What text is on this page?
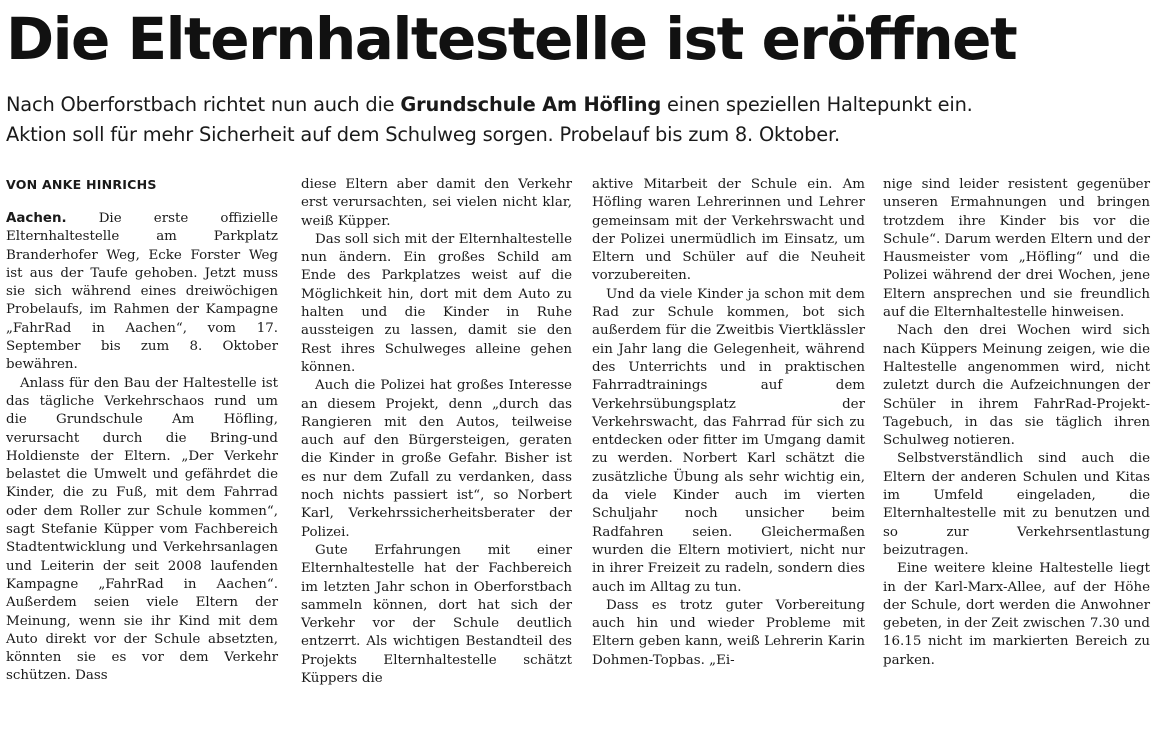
Die Elternhaltestelle ist eröffnet
Nach Oberforstbach richtet nun auch die Grundschule Am Höfling einen speziellen Haltepunkt ein.
Aktion soll für mehr Sicherheit auf dem Schulweg sorgen. Probelauf bis zum 8. Oktober.
VON ANKE HINRICHS

Aachen. Die erste offizielle Elternhaltestelle am Parkplatz Branderhofer Weg, Ecke Forster Weg ist aus der Taufe gehoben. Jetzt muss sie sich während eines dreiwöchigen Probelaufs, im Rahmen der Kampagne „FahrRad in Aachen“, vom 17. September bis zum 8. Oktober bewähren.

Anlass für den Bau der Haltestelle ist das tägliche Verkehrschaos rund um die Grundschule Am Höfling, verursacht durch die Bring-und Holdienste der Eltern. „Der Verkehr belastet die Umwelt und gefährdet die Kinder, die zu Fuß, mit dem Fahrrad oder dem Roller zur Schule kommen“, sagt Stefanie Küpper vom Fachbereich Stadtentwicklung und Verkehrsanlagen und Leiterin der seit 2008 laufenden Kampagne „FahrRad in Aachen“. Außerdem seien viele Eltern der Meinung, wenn sie ihr Kind mit dem Auto direkt vor der Schule absetzten, könnten sie es vor dem Verkehr schützen. Dass

diese Eltern aber damit den Verkehr erst verursachten, sei vielen nicht klar, weiß Küpper.

Das soll sich mit der Elternhaltestelle nun ändern. Ein großes Schild am Ende des Parkplatzes weist auf die Möglichkeit hin, dort mit dem Auto zu halten und die Kinder in Ruhe aussteigen zu lassen, damit sie den Rest ihres Schulweges alleine gehen können.

Auch die Polizei hat großes Interesse an diesem Projekt, denn „durch das Rangieren mit den Autos, teilweise auch auf den Bürgersteigen, geraten die Kinder in große Gefahr. Bisher ist es nur dem Zufall zu verdanken, dass noch nichts passiert ist“, so Norbert Karl, Verkehrssicherheitsberater der Polizei.

Gute Erfahrungen mit einer Elternhaltestelle hat der Fachbereich im letzten Jahr schon in Oberforstbach sammeln können, dort hat sich der Verkehr vor der Schule deutlich entzerrt. Als wichtigen Bestandteil des Projekts Elternhaltestelle schätzt Küppers die

aktive Mitarbeit der Schule ein. Am Höfling waren Lehrerinnen und Lehrer gemeinsam mit der Verkehrswacht und der Polizei unermüdlich im Einsatz, um Eltern und Schüler auf die Neuheit vorzubereiten.

Und da viele Kinder ja schon mit dem Rad zur Schule kommen, bot sich außerdem für die Zweitbis Viertklässler ein Jahr lang die Gelegenheit, während des Unterrichts und in praktischen Fahrradtrainings auf dem Verkehrsübungsplatz der Verkehrswacht, das Fahrrad für sich zu entdecken oder fitter im Umgang damit zu werden. Norbert Karl schätzt die zusätzliche Übung als sehr wichtig ein, da viele Kinder auch im vierten Schuljahr noch unsicher beim Radfahren seien. Gleichermaßen wurden die Eltern motiviert, nicht nur in ihrer Freizeit zu radeln, sondern dies auch im Alltag zu tun.

Dass es trotz guter Vorbereitung auch hin und wieder Probleme mit Eltern geben kann, weiß Lehrerin Karin Dohmen-Topbas. „Ei-

nige sind leider resistent gegenüber unseren Ermahnungen und bringen trotzdem ihre Kinder bis vor die Schule“. Darum werden Eltern und der Hausmeister vom „Höfling“ und die Polizei während der drei Wochen, jene Eltern ansprechen und sie freundlich auf die Elternhaltestelle hinweisen.

Nach den drei Wochen wird sich nach Küppers Meinung zeigen, wie die Haltestelle angenommen wird, nicht zuletzt durch die Aufzeichnungen der Schüler in ihrem FahrRad-Projekt-Tagebuch, in das sie täglich ihren Schulweg notieren.

Selbstverständlich sind auch die Eltern der anderen Schulen und Kitas im Umfeld eingeladen, die Elternhaltestelle mit zu benutzen und so zur Verkehrsentlastung beizutragen.

Eine weitere kleine Haltestelle liegt in der Karl-Marx-Allee, auf der Höhe der Schule, dort werden die Anwohner gebeten, in der Zeit zwischen 7.30 und 16.15 nicht im markierten Bereich zu parken.
